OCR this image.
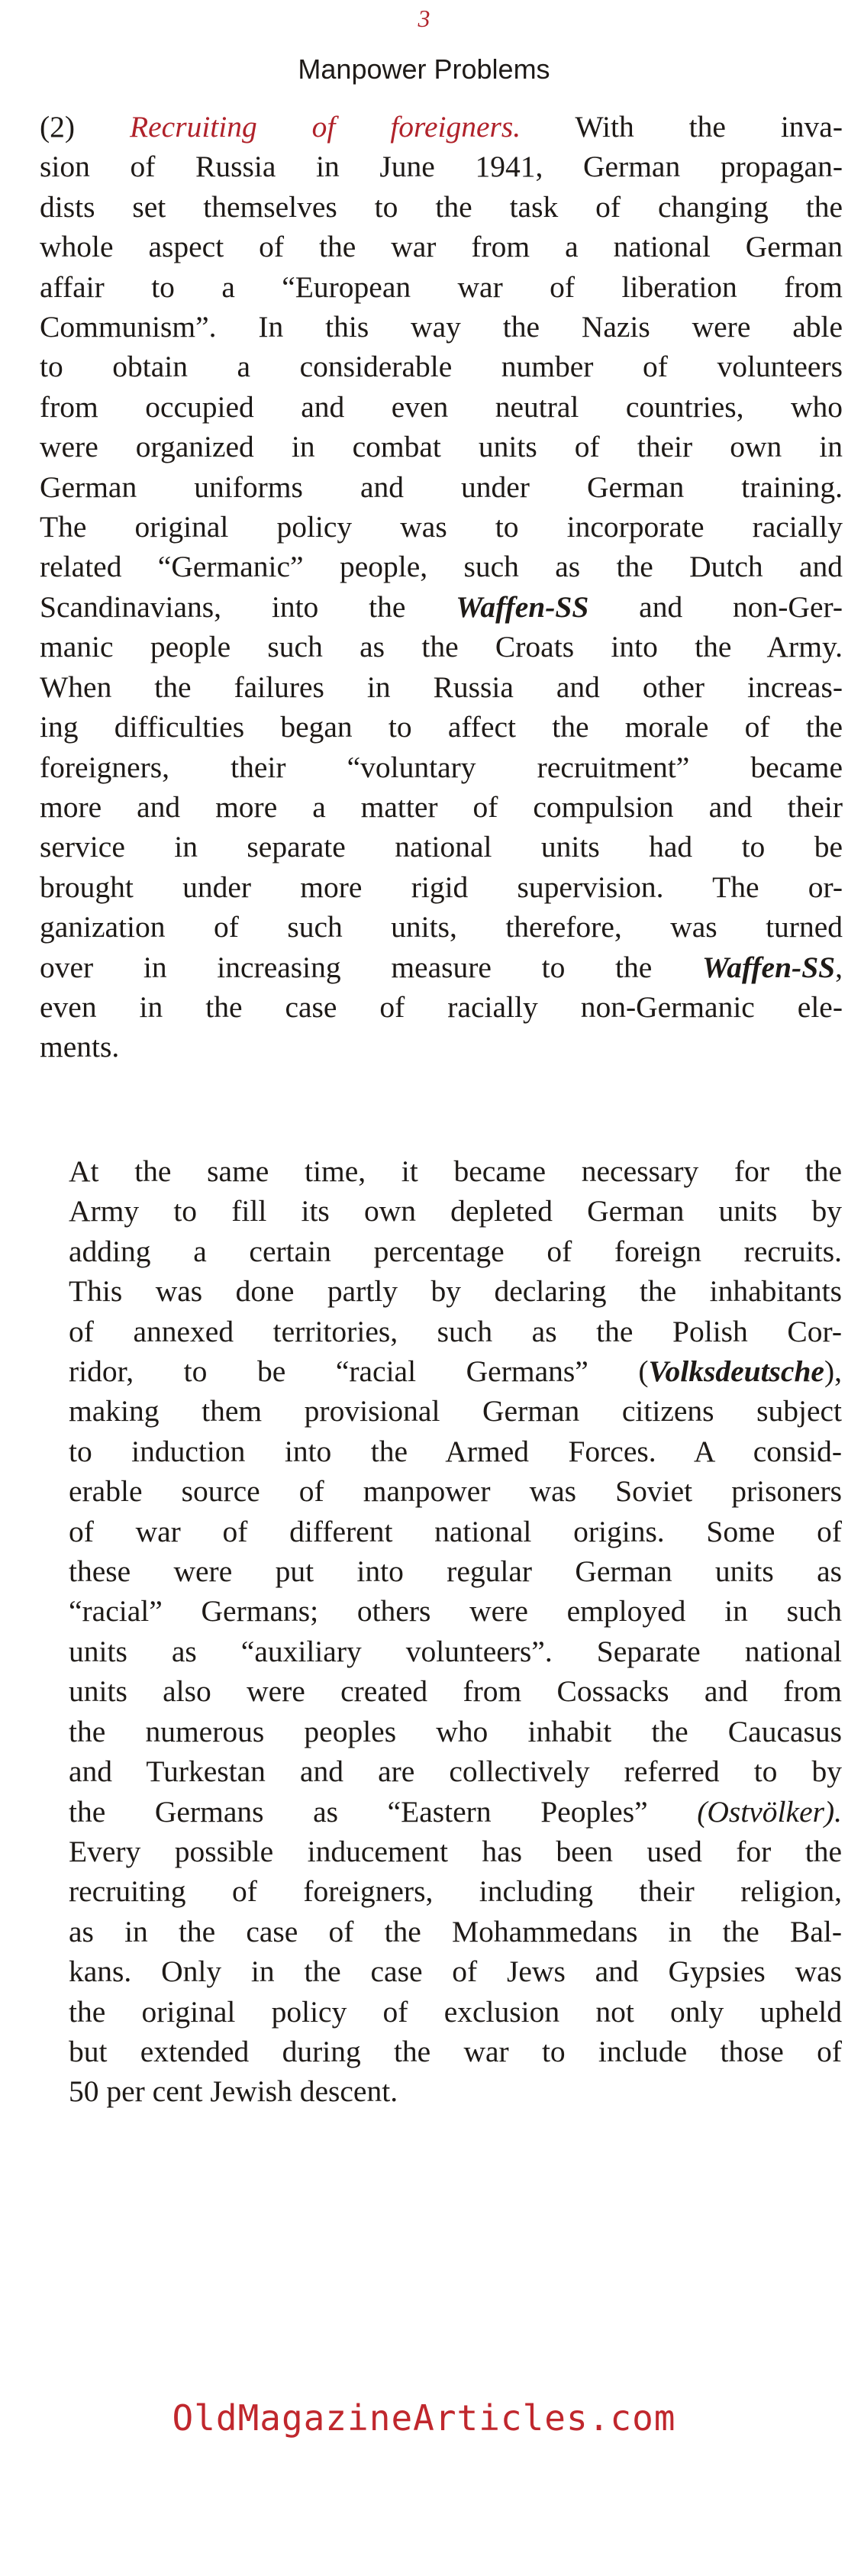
3
Manpower Problems
(2) Recruiting of foreigners. With the inva-
sion of Russia in June 1941, German propagan-
dists set themselves to the task of changing the
whole aspect of the war from a national German
affair to a “European war of liberation from
Communism”. In this way the Nazis were able
to obtain a considerable number of volunteers
from occupied and even neutral countries, who
were organized in combat units of their own in
German uniforms and under German training.
The original policy was to incorporate racially
related “Germanic” people, such as the Dutch and
Scandinavians, into the Waffen-SS and non-Ger-
manic people such as the Croats into the Army.
When the failures in Russia and other increas-
ing difficulties began to affect the morale of the
foreigners, their “voluntary recruitment” became
more and more a matter of compulsion and their
service in separate national units had to be
brought under more rigid supervision. The or-
ganization of such units, therefore, was turned
over in increasing measure to the Waffen-SS,
even in the case of racially non-Germanic ele-
ments.
At the same time, it became necessary for the
Army to fill its own depleted German units by
adding a certain percentage of foreign recruits.
This was done partly by declaring the inhabitants
of annexed territories, such as the Polish Cor-
ridor, to be “racial Germans” (Volksdeutsche),
making them provisional German citizens subject
to induction into the Armed Forces. A consid-
erable source of manpower was Soviet prisoners
of war of different national origins. Some of
these were put into regular German units as
“racial” Germans; others were employed in such
units as “auxiliary volunteers”. Separate national
units also were created from Cossacks and from
the numerous peoples who inhabit the Caucasus
and Turkestan and are collectively referred to by
the Germans as “Eastern Peoples” (Ostvölker).
Every possible inducement has been used for the
recruiting of foreigners, including their religion,
as in the case of the Mohammedans in the Bal-
kans. Only in the case of Jews and Gypsies was
the original policy of exclusion not only upheld
but extended during the war to include those of
50 per cent Jewish descent.
OldMagazineArticles.com
